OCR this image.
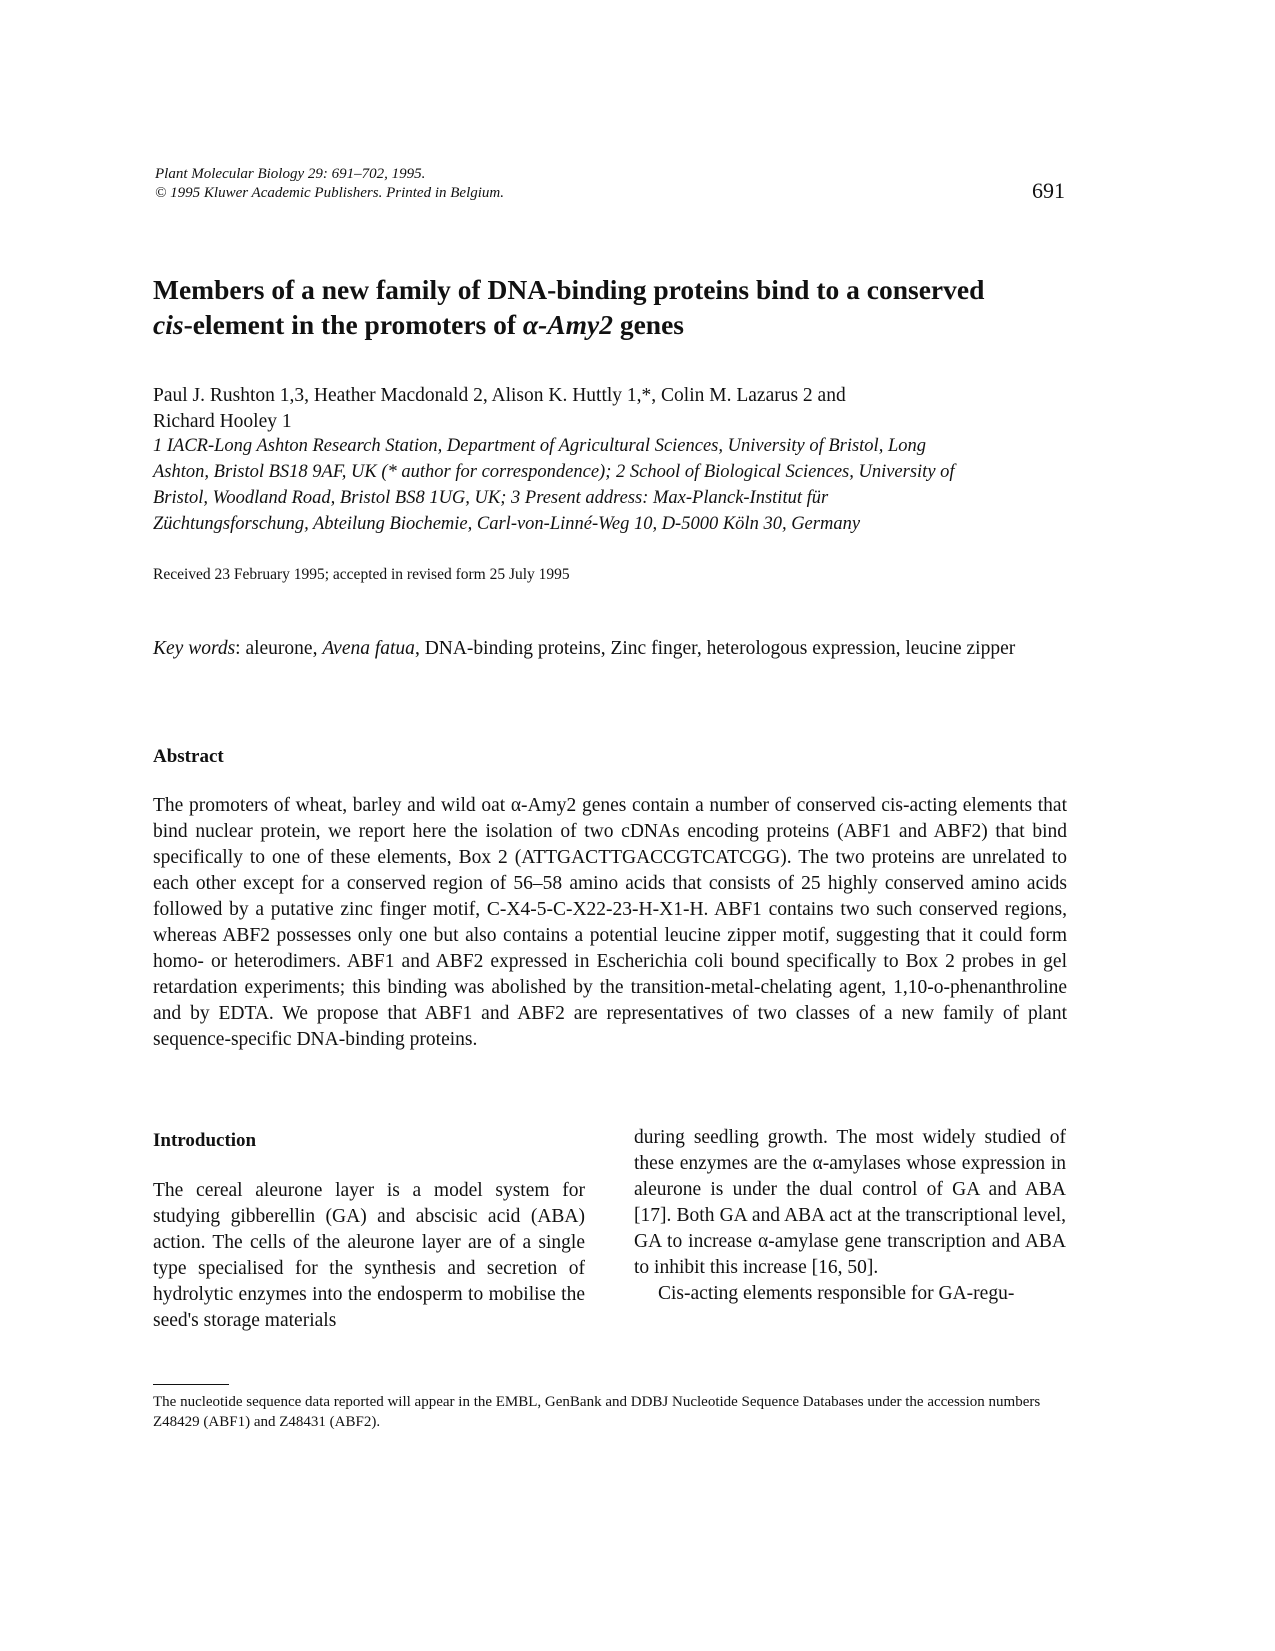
Plant Molecular Biology 29: 691–702, 1995.
© 1995 Kluwer Academic Publishers. Printed in Belgium.	691
Members of a new family of DNA-binding proteins bind to a conserved
cis-element in the promoters of α-Amy2 genes
Paul J. Rushton 1,3, Heather Macdonald 2, Alison K. Huttly 1,*, Colin M. Lazarus 2 and
Richard Hooley 1
1 IACR-Long Ashton Research Station, Department of Agricultural Sciences, University of Bristol, Long
Ashton, Bristol BS18 9AF, UK (* author for correspondence); 2 School of Biological Sciences, University of
Bristol, Woodland Road, Bristol BS8 1UG, UK; 3 Present address: Max-Planck-Institut für
Züchtungsforschung, Abteilung Biochemie, Carl-von-Linné-Weg 10, D-5000 Köln 30, Germany
Received 23 February 1995; accepted in revised form 25 July 1995
Key words: aleurone, Avena fatua, DNA-binding proteins, Zinc finger, heterologous expression, leucine zipper
Abstract
The promoters of wheat, barley and wild oat α-Amy2 genes contain a number of conserved cis-acting elements that bind nuclear protein, we report here the isolation of two cDNAs encoding proteins (ABF1 and ABF2) that bind specifically to one of these elements, Box 2 (ATTGACTTGACCGTCATCGG). The two proteins are unrelated to each other except for a conserved region of 56–58 amino acids that consists of 25 highly conserved amino acids followed by a putative zinc finger motif, C-X4-5-C-X22-23-H-X1-H. ABF1 contains two such conserved regions, whereas ABF2 possesses only one but also contains a potential leucine zipper motif, suggesting that it could form homo- or heterodimers. ABF1 and ABF2 expressed in Escherichia coli bound specifically to Box 2 probes in gel retardation experiments; this binding was abolished by the transition-metal-chelating agent, 1,10-o-phenanthroline and by EDTA. We propose that ABF1 and ABF2 are representatives of two classes of a new family of plant sequence-specific DNA-binding proteins.
Introduction
The cereal aleurone layer is a model system for studying gibberellin (GA) and abscisic acid (ABA) action. The cells of the aleurone layer are of a single type specialised for the synthesis and secretion of hydrolytic enzymes into the endosperm to mobilise the seed's storage materials
during seedling growth. The most widely studied of these enzymes are the α-amylases whose expression in aleurone is under the dual control of GA and ABA [17]. Both GA and ABA act at the transcriptional level, GA to increase α-amylase gene transcription and ABA to inhibit this increase [16, 50].
Cis-acting elements responsible for GA-regu-
The nucleotide sequence data reported will appear in the EMBL, GenBank and DDBJ Nucleotide Sequence Databases under the accession numbers Z48429 (ABF1) and Z48431 (ABF2).
